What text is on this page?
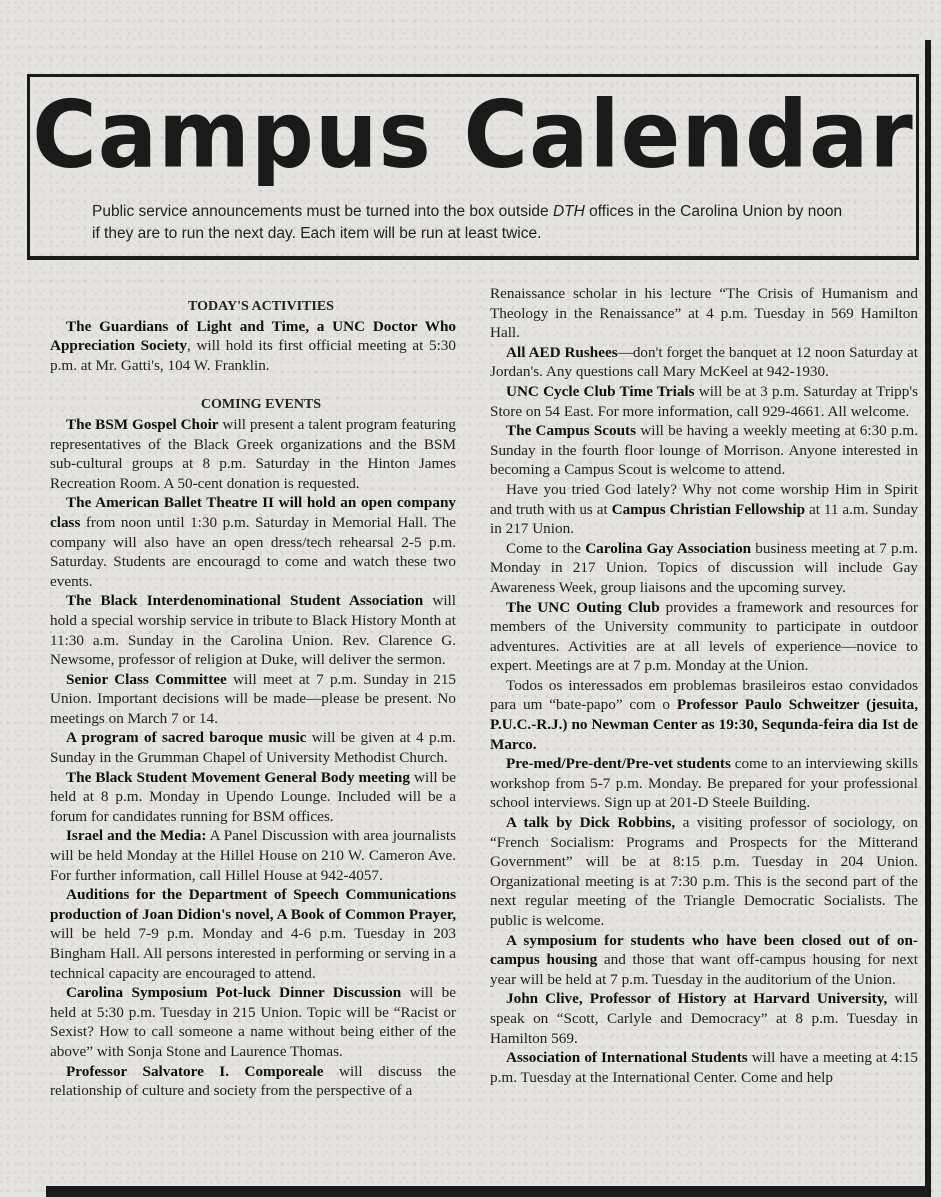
Campus Calendar
Public service announcements must be turned into the box outside DTH offices in the Carolina Union by noon if they are to run the next day. Each item will be run at least twice.

TODAY'S ACTIVITIES

The Guardians of Light and Time, a UNC Doctor Who Appreciation Society, will hold its first official meeting at 5:30 p.m. at Mr. Gatti's, 104 W. Franklin.

COMING EVENTS

The BSM Gospel Choir will present a talent program featuring representatives of the Black Greek organizations and the BSM sub-cultural groups at 8 p.m. Saturday in the Hinton James Recreation Room. A 50-cent donation is requested.

The American Ballet Theatre II will hold an open company class from noon until 1:30 p.m. Saturday in Memorial Hall. The company will also have an open dress/tech rehearsal 2-5 p.m. Saturday. Students are encouragd to come and watch these two events.

The Black Interdenominational Student Association will hold a special worship service in tribute to Black History Month at 11:30 a.m. Sunday in the Carolina Union. Rev. Clarence G. Newsome, professor of religion at Duke, will deliver the sermon.

Senior Class Committee will meet at 7 p.m. Sunday in 215 Union. Important decisions will be made—please be present. No meetings on March 7 or 14.

A program of sacred baroque music will be given at 4 p.m. Sunday in the Grumman Chapel of University Methodist Church.

The Black Student Movement General Body meeting will be held at 8 p.m. Monday in Upendo Lounge. Included will be a forum for candidates running for BSM offices.

Israel and the Media: A Panel Discussion with area journalists will be held Monday at the Hillel House on 210 W. Cameron Ave. For further information, call Hillel House at 942-4057.

Auditions for the Department of Speech Communications production of Joan Didion's novel, A Book of Common Prayer, will be held 7-9 p.m. Monday and 4-6 p.m. Tuesday in 203 Bingham Hall. All persons interested in performing or serving in a technical capacity are encouraged to attend.

Carolina Symposium Pot-luck Dinner Discussion will be held at 5:30 p.m. Tuesday in 215 Union. Topic will be “Racist or Sexist? How to call someone a name without being either of the above” with Sonja Stone and Laurence Thomas.

Professor Salvatore I. Comporeale will discuss the relationship of culture and society from the perspective of a

Renaissance scholar in his lecture “The Crisis of Humanism and Theology in the Renaissance” at 4 p.m. Tuesday in 569 Hamilton Hall.

All AED Rushees—don't forget the banquet at 12 noon Saturday at Jordan's. Any questions call Mary McKeel at 942-1930.

UNC Cycle Club Time Trials will be at 3 p.m. Saturday at Tripp's Store on 54 East. For more information, call 929-4661. All welcome.

The Campus Scouts will be having a weekly meeting at 6:30 p.m. Sunday in the fourth floor lounge of Morrison. Anyone interested in becoming a Campus Scout is welcome to attend.

Have you tried God lately? Why not come worship Him in Spirit and truth with us at Campus Christian Fellowship at 11 a.m. Sunday in 217 Union.

Come to the Carolina Gay Association business meeting at 7 p.m. Monday in 217 Union. Topics of discussion will include Gay Awareness Week, group liaisons and the upcoming survey.

The UNC Outing Club provides a framework and resources for members of the University community to participate in outdoor adventures. Activities are at all levels of experience—novice to expert. Meetings are at 7 p.m. Monday at the Union.

Todos os interessados em problemas brasileiros estao convidados para um “bate-papo” com o Professor Paulo Schweitzer (jesuita, P.U.C.-R.J.) no Newman Center as 19:30, Sequnda-feira dia Ist de Marco.

Pre-med/Pre-dent/Pre-vet students come to an interviewing skills workshop from 5-7 p.m. Monday. Be prepared for your professional school interviews. Sign up at 201-D Steele Building.

A talk by Dick Robbins, a visiting professor of sociology, on “French Socialism: Programs and Prospects for the Mitterand Government” will be at 8:15 p.m. Tuesday in 204 Union. Organizational meeting is at 7:30 p.m. This is the second part of the next regular meeting of the Triangle Democratic Socialists. The public is welcome.

A symposium for students who have been closed out of on-campus housing and those that want off-campus housing for next year will be held at 7 p.m. Tuesday in the auditorium of the Union.

John Clive, Professor of History at Harvard University, will speak on “Scott, Carlyle and Democracy” at 8 p.m. Tuesday in Hamilton 569.

Association of International Students will have a meeting at 4:15 p.m. Tuesday at the International Center. Come and help
